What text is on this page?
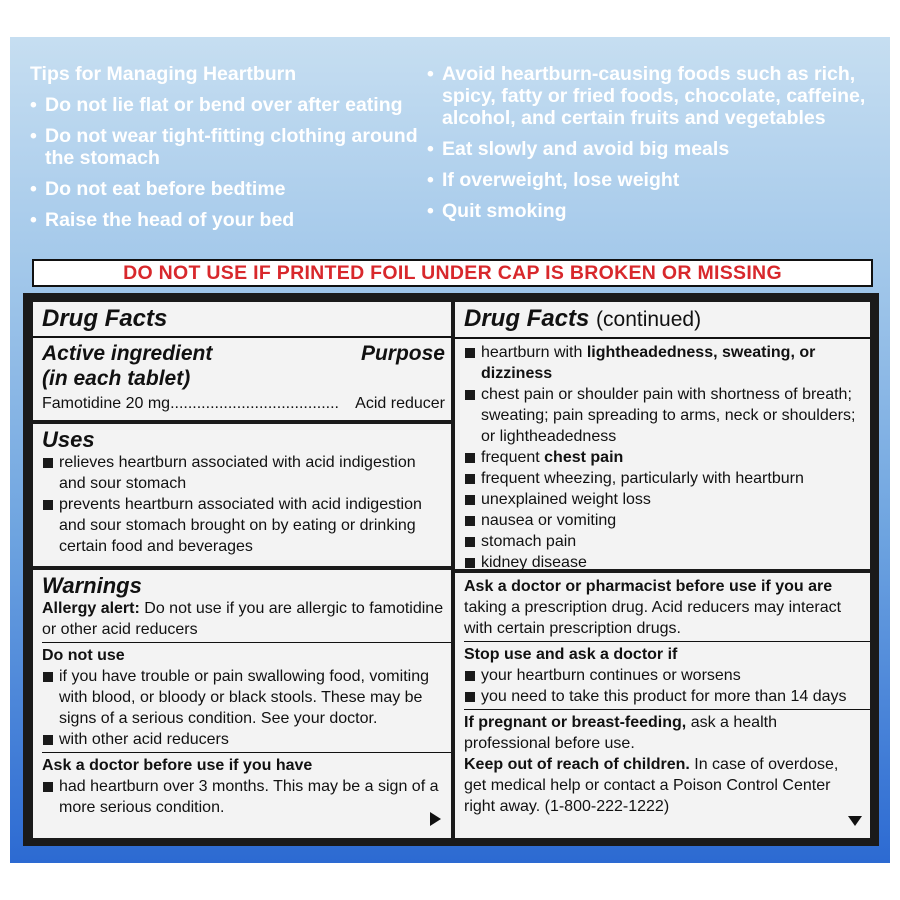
Tips for Managing Heartburn
• Do not lie flat or bend over after eating
• Do not wear tight-fitting clothing around the stomach
• Do not eat before bedtime
• Raise the head of your bed
• Avoid heartburn-causing foods such as rich, spicy, fatty or fried foods, chocolate, caffeine, alcohol, and certain fruits and vegetables
• Eat slowly and avoid big meals
• If overweight, lose weight
• Quit smoking
DO NOT USE IF PRINTED FOIL UNDER CAP IS BROKEN OR MISSING
Drug Facts
Active ingredient	Purpose
(in each tablet)
Famotidine 20 mg ......................................	Acid reducer
Uses
relieves heartburn associated with acid indigestion and sour stomach
prevents heartburn associated with acid indigestion and sour stomach brought on by eating or drinking certain food and beverages
Warnings
Allergy alert: Do not use if you are allergic to famotidine or other acid reducers
Do not use
if you have trouble or pain swallowing food, vomiting with blood, or bloody or black stools. These may be signs of a serious condition. See your doctor.
with other acid reducers
Ask a doctor before use if you have
had heartburn over 3 months. This may be a sign of a more serious condition.
Drug Facts (continued)
heartburn with lightheadedness, sweating, or dizziness
chest pain or shoulder pain with shortness of breath; sweating; pain spreading to arms, neck or shoulders; or lightheadedness
frequent chest pain
frequent wheezing, particularly with heartburn
unexplained weight loss
nausea or vomiting
stomach pain
kidney disease
Ask a doctor or pharmacist before use if you are taking a prescription drug. Acid reducers may interact with certain prescription drugs.
Stop use and ask a doctor if
your heartburn continues or worsens
you need to take this product for more than 14 days
If pregnant or breast-feeding, ask a health professional before use.
Keep out of reach of children. In case of overdose, get medical help or contact a Poison Control Center right away. (1-800-222-1222)
